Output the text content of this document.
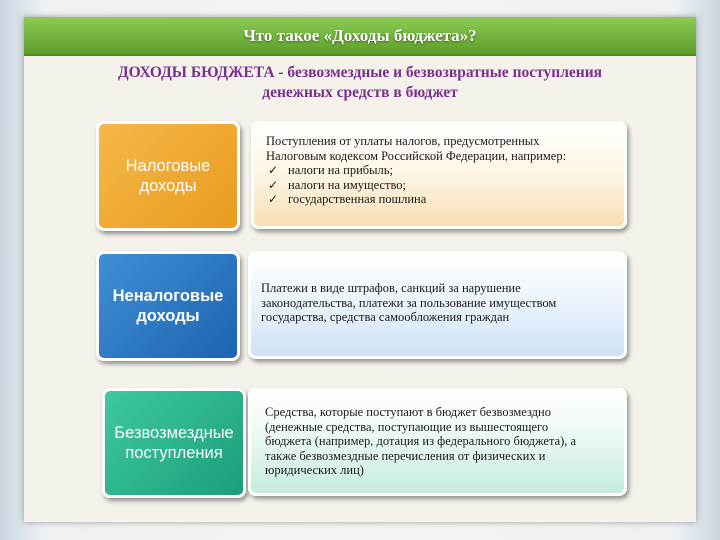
Что такое «Доходы бюджета»?
ДОХОДЫ БЮДЖЕТА - безвозмездные и безвозвратные поступления
денежных средств в бюджет
Налоговые
доходы

Поступления от уплаты налогов, предусмотренных

Налоговым кодексом Российской Федерации, например:

✓ налоги на прибыль;
✓ налоги на имущество;
✓ государственная пошлина
Неналоговые
доходы

Платежи в виде штрафов, санкций за нарушение

законодательства, платежи за пользование имуществом

государства, средства самообложения граждан

Безвозмездные
поступления

Средства, которые поступают в бюджет безвозмездно

(денежные средства, поступающие из вышестоящего

бюджета (например, дотация из федерального бюджета), а

также безвозмездные перечисления от физических и

юридических лиц)
